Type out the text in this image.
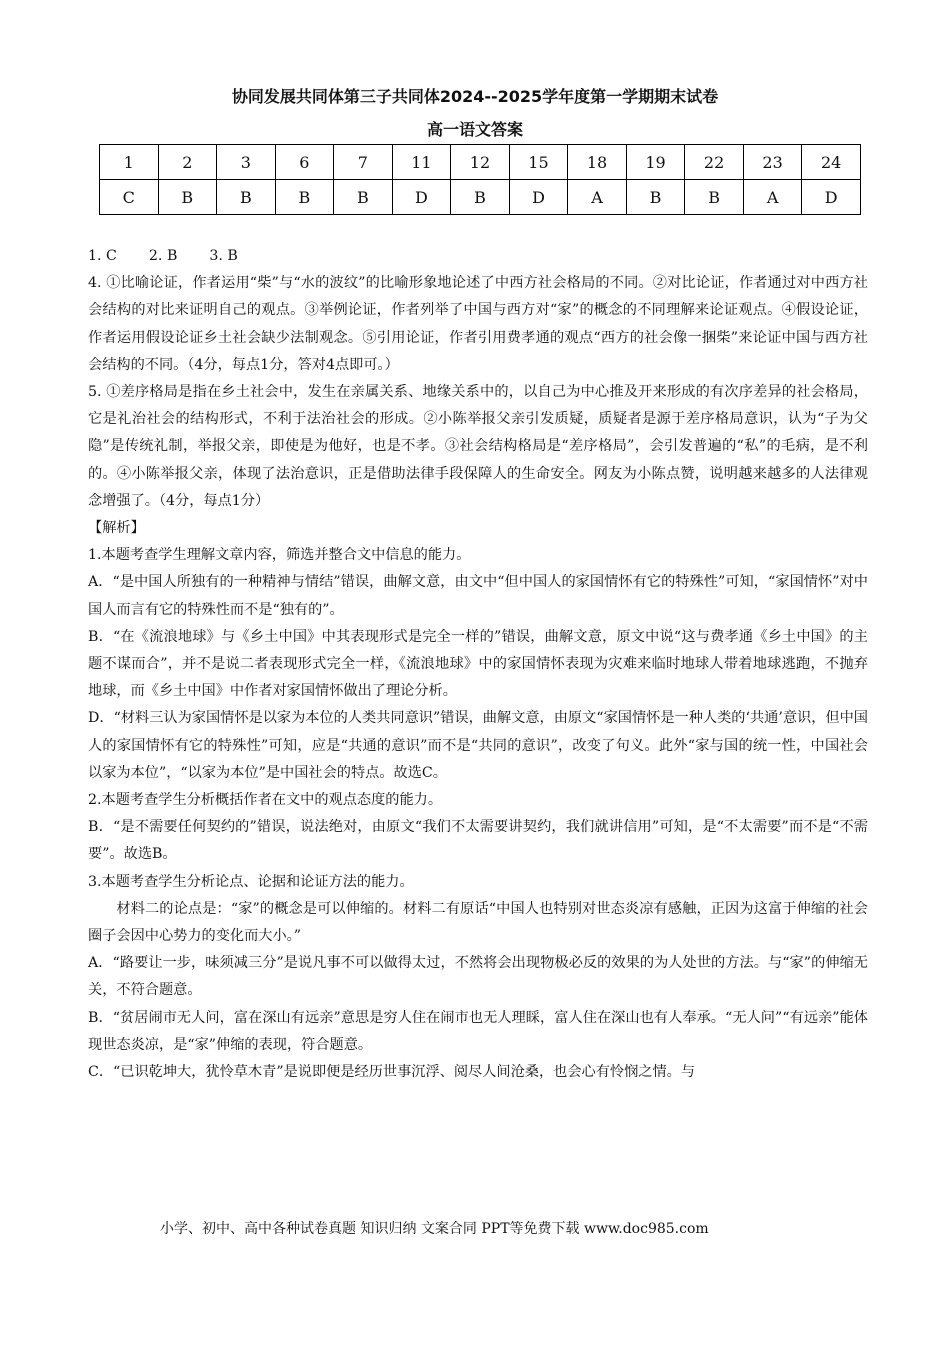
协同发展共同体第三子共同体2024--2025学年度第一学期期末试卷
高一语文答案
1	2	3	6	7	11	12	15	18	19	22	23	24
C	B	B	B	B	D	B	D	A	B	B	A	D

1. C 2. B 3. B

4. ①比喻论证，作者运用“柴”与“水的波纹”的比喻形象地论述了中西方社会格局的不同。②对比论证，作者通过对中西方社会结构的对比来证明自己的观点。③举例论证，作者列举了中国与西方对“家”的概念的不同理解来论证观点。④假设论证，作者运用假设论证乡土社会缺少法制观念。⑤引用论证，作者引用费孝通的观点“西方的社会像一捆柴”来论证中国与西方社会结构的不同。（4分，每点1分，答对4点即可。）

5. ①差序格局是指在乡土社会中，发生在亲属关系、地缘关系中的，以自己为中心推及开来形成的有次序差异的社会格局，它是礼治社会的结构形式，不利于法治社会的形成。②小陈举报父亲引发质疑，质疑者是源于差序格局意识，认为“子为父隐”是传统礼制，举报父亲，即使是为他好，也是不孝。③社会结构格局是“差序格局”，会引发普遍的“私”的毛病，是不利的。④小陈举报父亲，体现了法治意识，正是借助法律手段保障人的生命安全。网友为小陈点赞，说明越来越多的人法律观念增强了。（4分，每点1分）

【解析】

1.本题考查学生理解文章内容，筛选并整合文中信息的能力。

A．“是中国人所独有的一种精神与情结”错误，曲解文意，由文中“但中国人的家国情怀有它的特殊性”可知，“家国情怀”对中国人而言有它的特殊性而不是“独有的”。

B．“在《流浪地球》与《乡土中国》中其表现形式是完全一样的”错误，曲解文意，原文中说“这与费孝通《乡土中国》的主题不谋而合”，并不是说二者表现形式完全一样，《流浪地球》中的家国情怀表现为灾难来临时地球人带着地球逃跑，不抛弃地球，而《乡土中国》中作者对家国情怀做出了理论分析。

D．“材料三认为家国情怀是以家为本位的人类共同意识”错误，曲解文意，由原文“家国情怀是一种人类的‘共通’意识，但中国人的家国情怀有它的特殊性”可知，应是“共通的意识”而不是“共同的意识”，改变了句义。此外“家与国的统一性，中国社会以家为本位”，“以家为本位”是中国社会的特点。故选C。

2.本题考查学生分析概括作者在文中的观点态度的能力。

B．“是不需要任何契约的”错误，说法绝对，由原文“我们不太需要讲契约，我们就讲信用”可知，是“不太需要”而不是“不需要”。故选B。

3.本题考查学生分析论点、论据和论证方法的能力。

材料二的论点是：“家”的概念是可以伸缩的。材料二有原话“中国人也特别对世态炎凉有感触，正因为这富于伸缩的社会圈子会因中心势力的变化而大小。”

A．“路要让一步，味须减三分”是说凡事不可以做得太过，不然将会出现物极必反的效果的为人处世的方法。与“家”的伸缩无关，不符合题意。

B．“贫居闹市无人问，富在深山有远亲”意思是穷人住在闹市也无人理睬，富人住在深山也有人奉承。“无人问”“有远亲”能体现世态炎凉，是“家”伸缩的表现，符合题意。

C．“已识乾坤大，犹怜草木青”是说即便是经历世事沉浮、阅尽人间沧桑，也会心有怜悯之情。与

小学、初中、高中各种试卷真题 知识归纳 文案合同 PPT等免费下载 www.doc985.com
